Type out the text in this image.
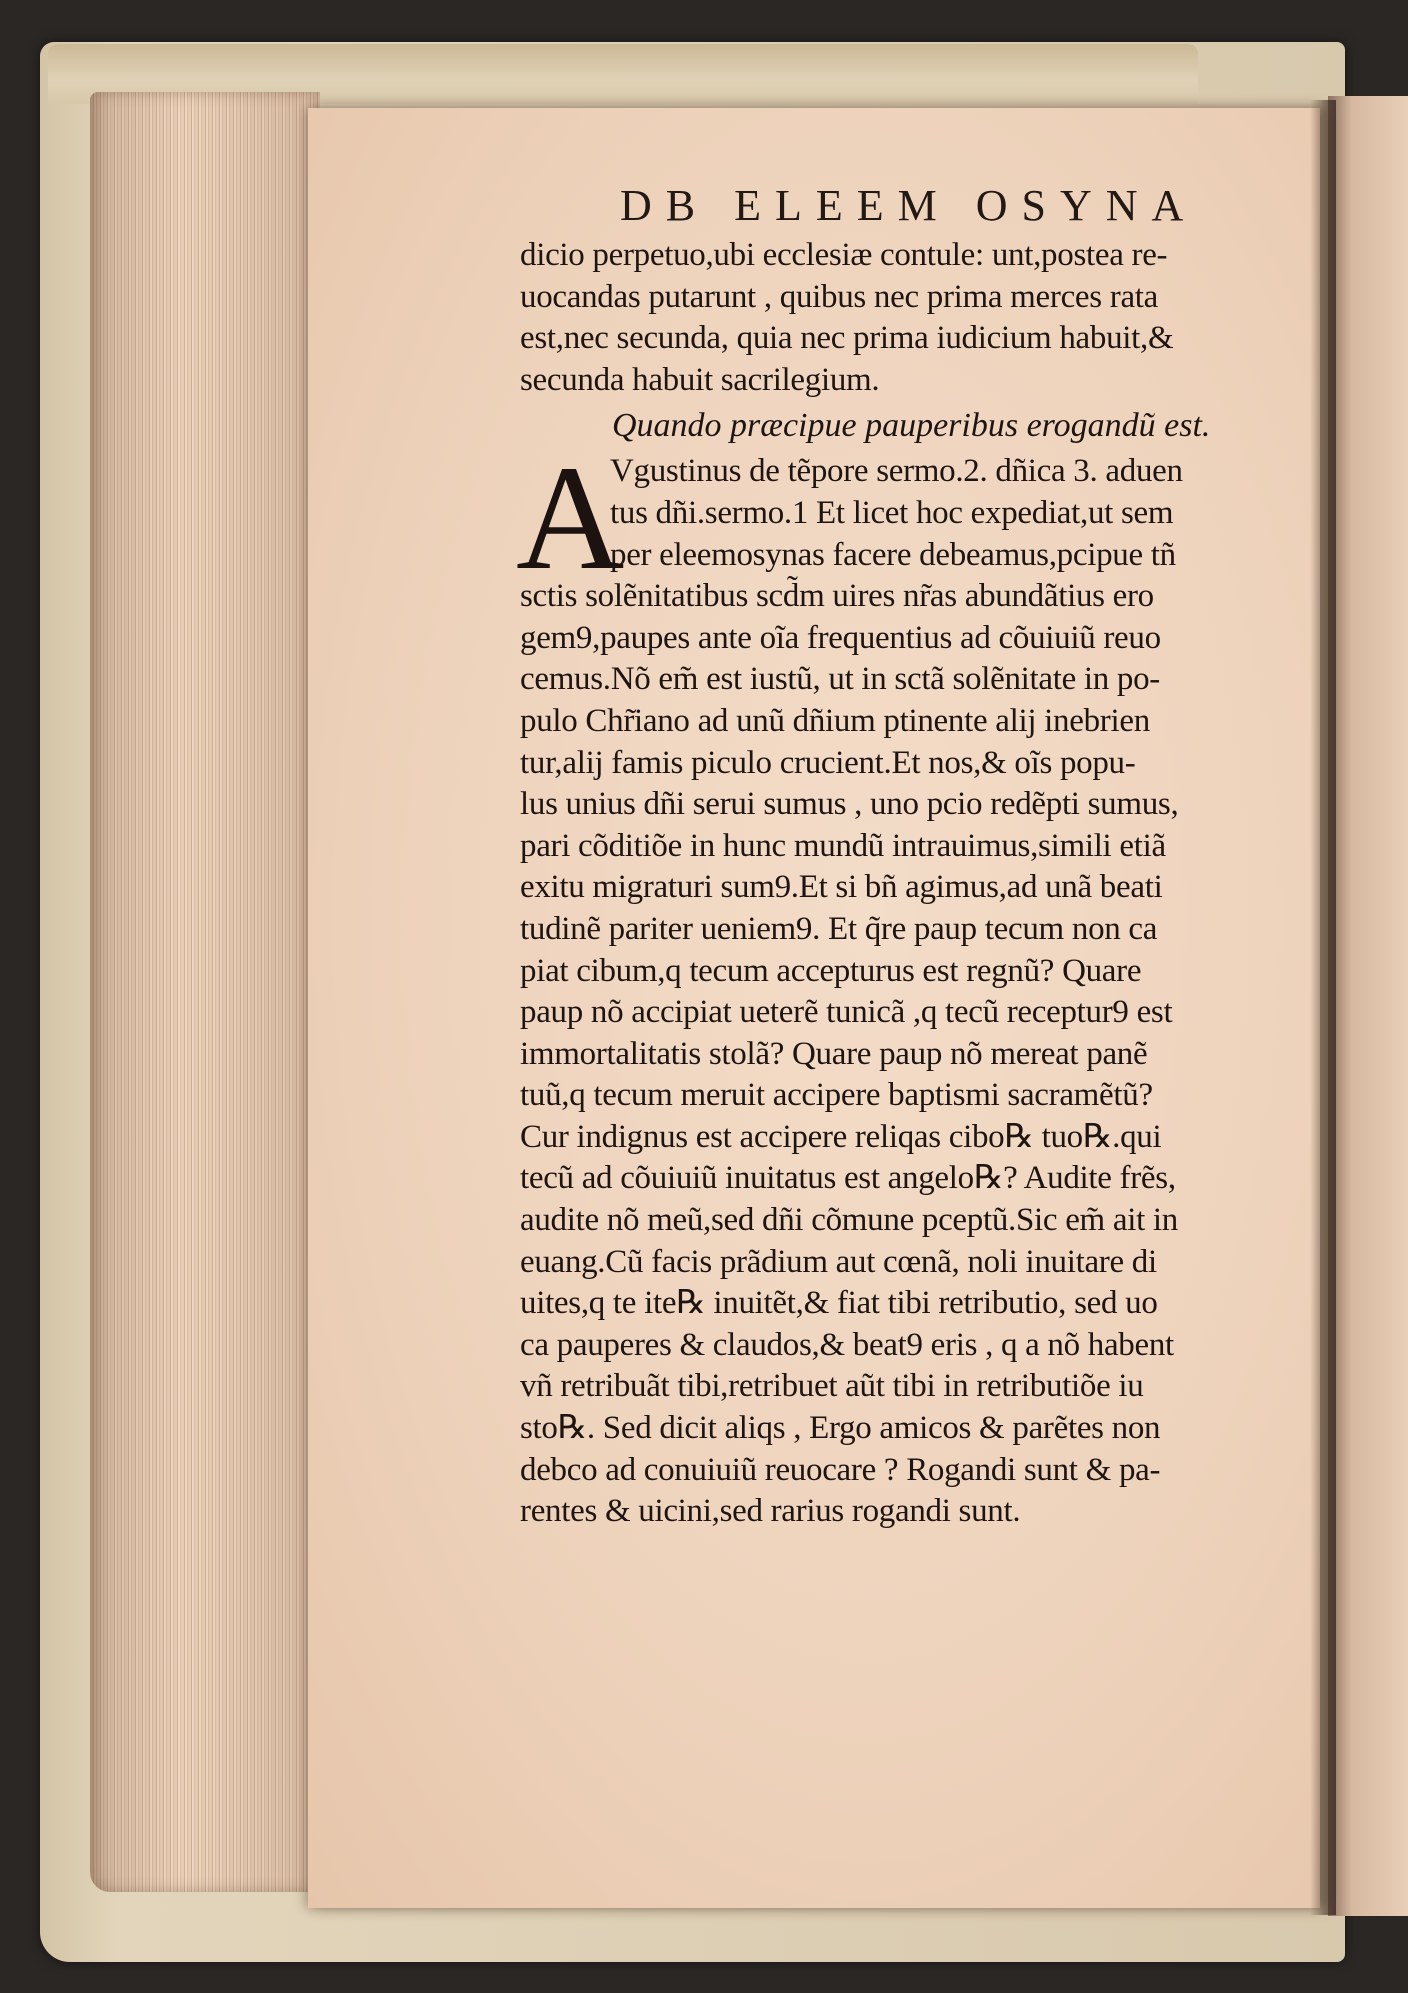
DB ELEEM OSYNA
dicio perpetuo,ubi ecclesiæ contule: unt,postea re-
uocandas putarunt , quibus nec prima merces rata
est,nec secunda, quia nec prima iudicium habuit,&
secunda habuit sacrilegium.
Quando præcipue pauperibus erogandũ est.
A
Vgustinus de tẽpore sermo.2. dñica 3. aduen
tus dñi.sermo.1 Et licet hoc expediat,ut sem
per eleemosynas facere debeamus,pcipue tñ
sctis solẽnitatibus scd̃m uires nr̃as abundãtius ero
gem9,paupes ante oĩa frequentius ad cõuiuiũ reuo
cemus.Nõ em̃ est iustũ, ut in sctã solẽnitate in po-
pulo Chr̃iano ad unũ dñium ptinente alij inebrien
tur,alij famis piculo crucient.Et nos,& oĩs popu-
lus unius dñi serui sumus , uno pcio redẽpti sumus,
pari cõditiõe in hunc mundũ intrauimus,simili etiã
exitu migraturi sum9.Et si bñ agimus,ad unã beati
tudinẽ pariter ueniem9. Et q̃re paup tecum non ca
piat cibum,q tecum accepturus est regnũ? Quare
paup nõ accipiat ueterẽ tunicã ,q tecũ receptur9 est
immortalitatis stolã? Quare paup nõ mereat panẽ
tuũ,q tecum meruit accipere baptismi sacramẽtũ?
Cur indignus est accipere reliqas cibo℞ tuo℞.qui
tecũ ad cõuiuiũ inuitatus est angelo℞? Audite frẽs,
audite nõ meũ,sed dñi cõmune pceptũ.Sic em̃ ait in
euang.Cũ facis prãdium aut cœnã, noli inuitare di
uites,q te ite℞ inuitẽt,& fiat tibi retributio, sed uo
ca pauperes & claudos,& beat9 eris , q a nõ habent
vñ retribuãt tibi,retribuet aũt tibi in retributiõe iu
sto℞. Sed dicit aliqs , Ergo amicos & parẽtes non
debco ad conuiuiũ reuocare ? Rogandi sunt & pa-
rentes & uicini,sed rarius rogandi sunt.
